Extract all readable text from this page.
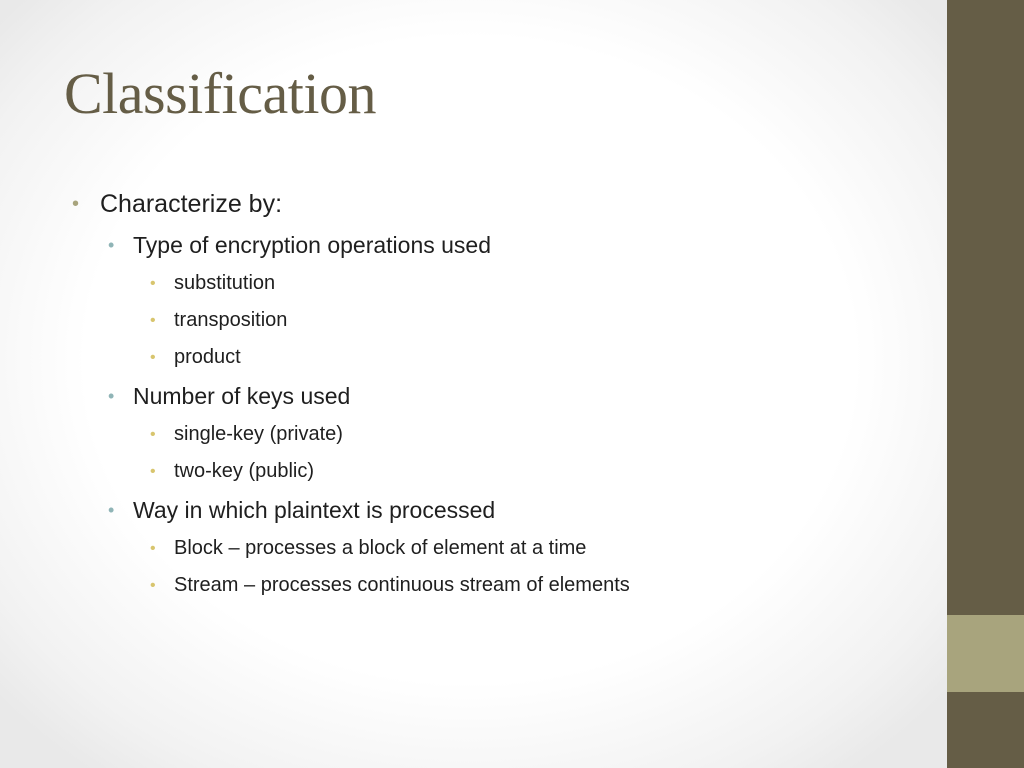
Classification
• Characterize by:
• Type of encryption operations used
• substitution
• transposition
• product
• Number of keys used
• single-key (private)
• two-key (public)
• Way in which plaintext is processed
• Block – processes a block of element at a time
• Stream – processes continuous stream of elements
